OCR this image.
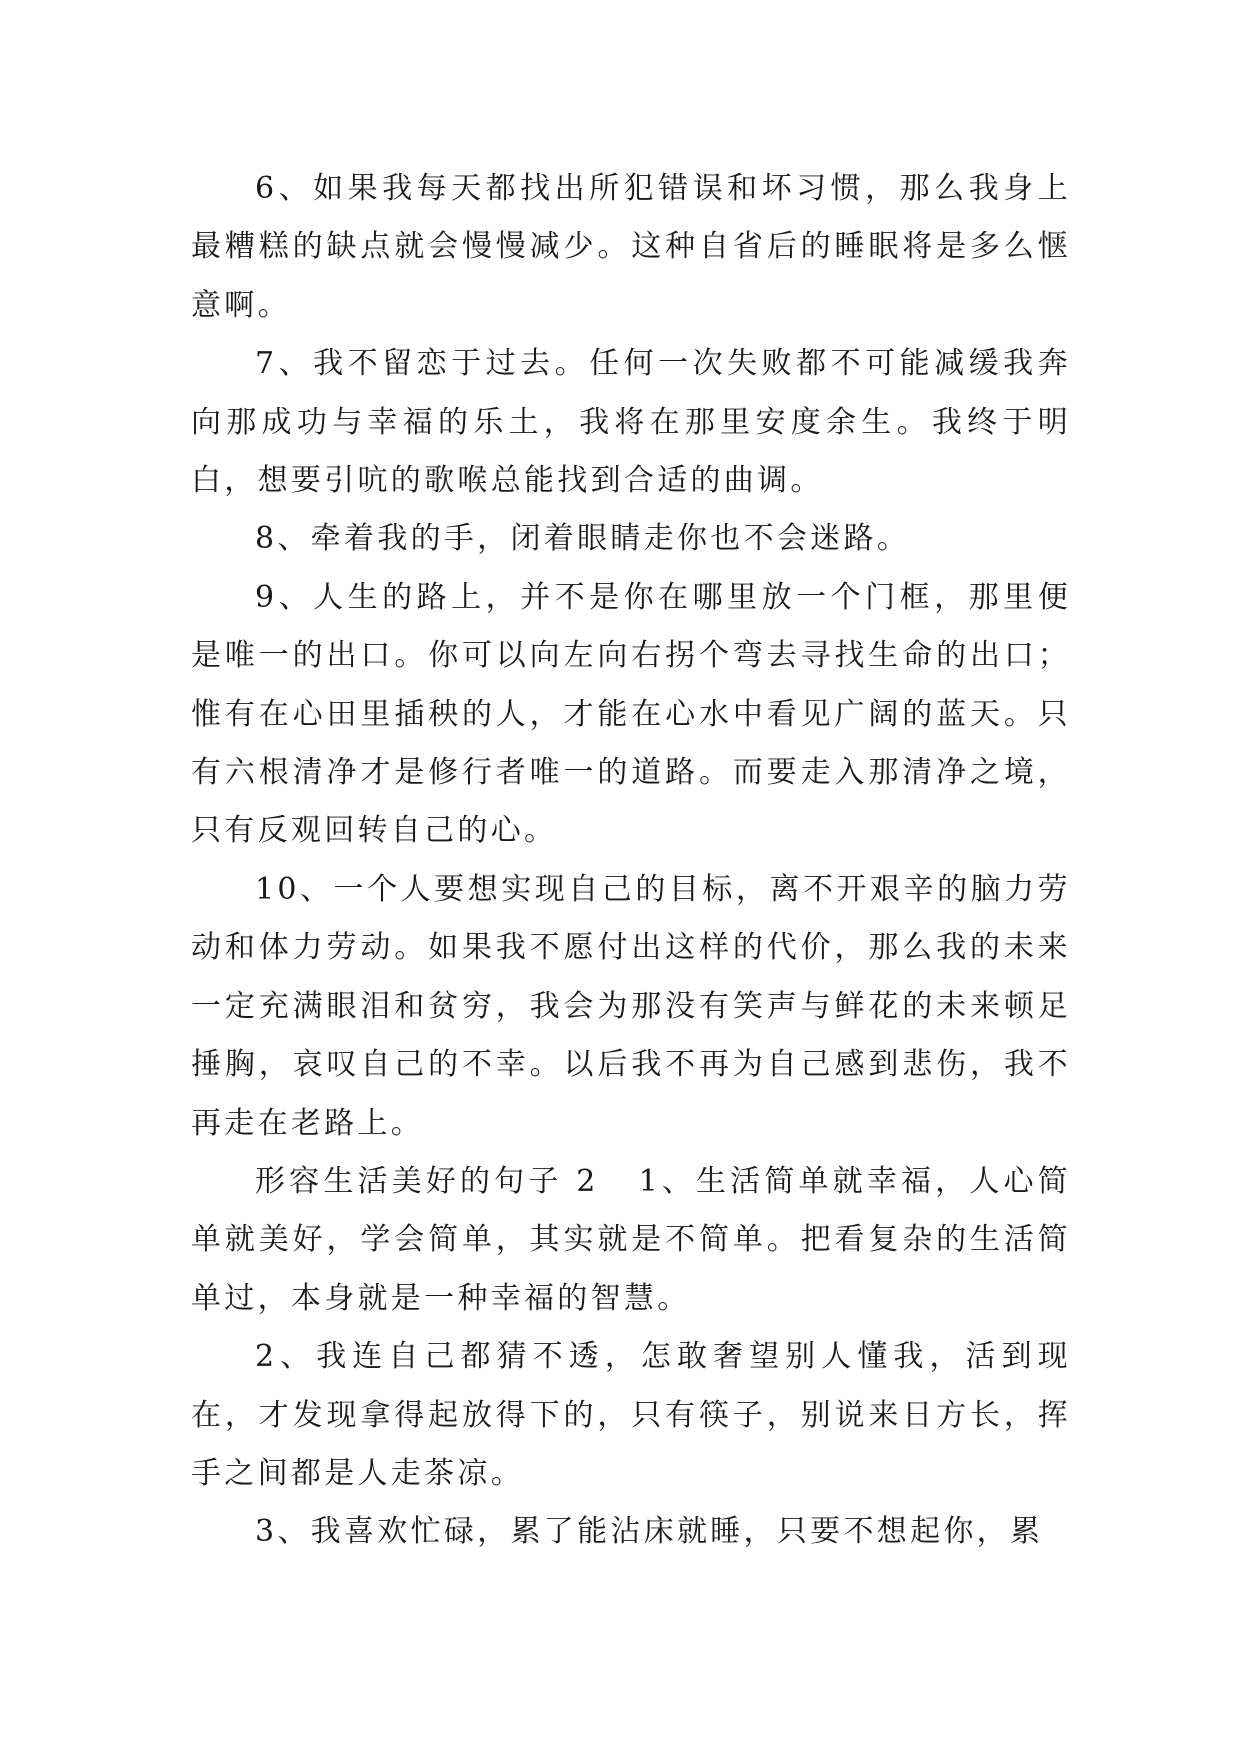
6、如果我每天都找出所犯错误和坏习惯，那么我身上最糟糕的缺点就会慢慢减少。这种自省后的睡眠将是多么惬意啊。

7、我不留恋于过去。任何一次失败都不可能减缓我奔向那成功与幸福的乐土，我将在那里安度余生。我终于明白，想要引吭的歌喉总能找到合适的曲调。

8、牵着我的手，闭着眼睛走你也不会迷路。

9、人生的路上，并不是你在哪里放一个门框，那里便是唯一的出口。你可以向左向右拐个弯去寻找生命的出口；惟有在心田里插秧的人，才能在心水中看见广阔的蓝天。只有六根清净才是修行者唯一的道路。而要走入那清净之境，只有反观回转自己的心。

10、一个人要想实现自己的目标，离不开艰辛的脑力劳动和体力劳动。如果我不愿付出这样的代价，那么我的未来一定充满眼泪和贫穷，我会为那没有笑声与鲜花的未来顿足捶胸，哀叹自己的不幸。以后我不再为自己感到悲伤，我不再走在老路上。

形容生活美好的句子 2 1、生活简单就幸福，人心简单就美好，学会简单，其实就是不简单。把看复杂的生活简单过，本身就是一种幸福的智慧。

2、我连自己都猜不透，怎敢奢望别人懂我，活到现在，才发现拿得起放得下的，只有筷子，别说来日方长，挥手之间都是人走茶凉。

3、我喜欢忙碌，累了能沾床就睡，只要不想起你，累
